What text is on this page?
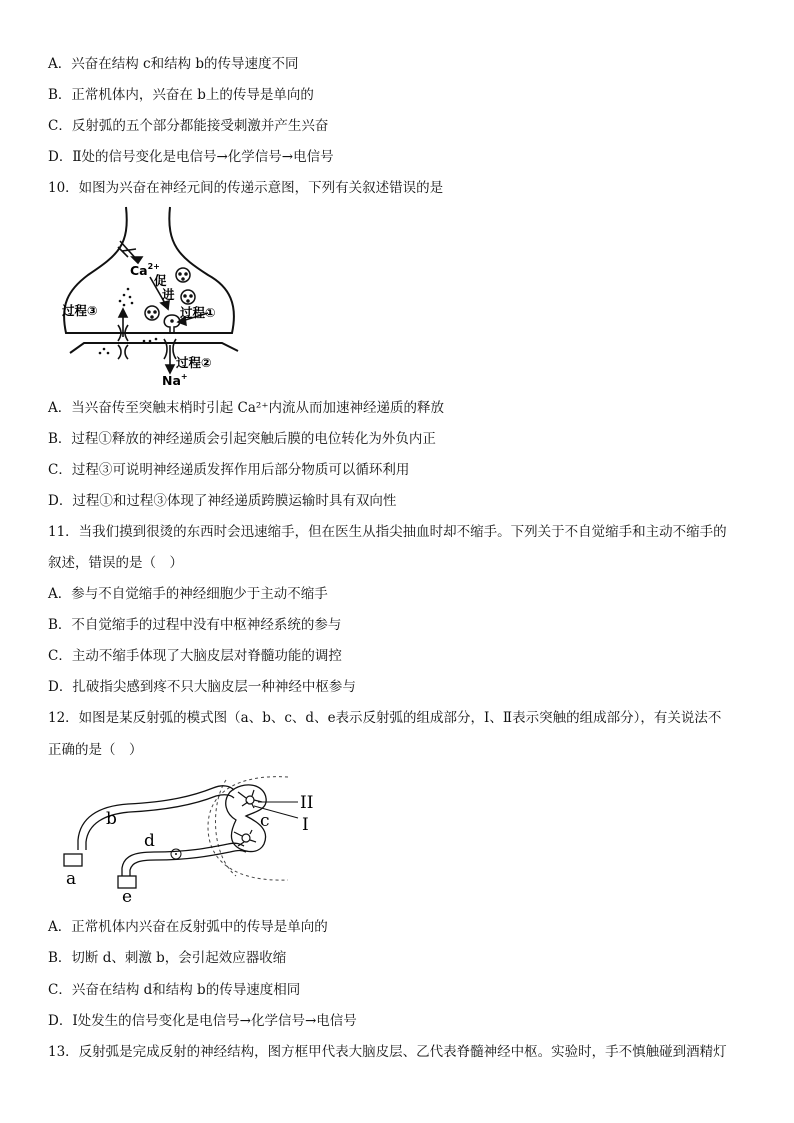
A．兴奋在结构 c和结构 b的传导速度不同
B．正常机体内，兴奋在 b上的传导是单向的
C．反射弧的五个部分都能接受刺激并产生兴奋
D．Ⅱ处的信号变化是电信号→化学信号→电信号
10．如图为兴奋在神经元间的传递示意图，下列有关叙述错误的是
$Ca^{2+}$
促
进
过程①
过程③
过程②
Na+
A．当兴奋传至突触末梢时引起 Ca²⁺内流从而加速神经递质的释放
B．过程①释放的神经递质会引起突触后膜的电位转化为外负内正
C．过程③可说明神经递质发挥作用后部分物质可以循环利用
D．过程①和过程③体现了神经递质跨膜运输时具有双向性
11．当我们摸到很烫的东西时会迅速缩手，但在医生从指尖抽血时却不缩手。下列关于不自觉缩手和主动不缩手的
叙述，错误的是（　）
A．参与不自觉缩手的神经细胞少于主动不缩手
B．不自觉缩手的过程中没有中枢神经系统的参与
C．主动不缩手体现了大脑皮层对脊髓功能的调控
D．扎破指尖感到疼不只大脑皮层一种神经中枢参与
12．如图是某反射弧的模式图（a、b、c、d、e表示反射弧的组成部分，Ⅰ、Ⅱ表示突触的组成部分），有关说法不
正确的是（　）
a
b	c
d
e
II
I
A．正常机体内兴奋在反射弧中的传导是单向的
B．切断 d、刺激 b，会引起效应器收缩
C．兴奋在结构 d和结构 b的传导速度相同
D．Ⅰ处发生的信号变化是电信号→化学信号→电信号
13．反射弧是完成反射的神经结构，图方框甲代表大脑皮层、乙代表脊髓神经中枢。实验时，手不慎触碰到酒精灯
